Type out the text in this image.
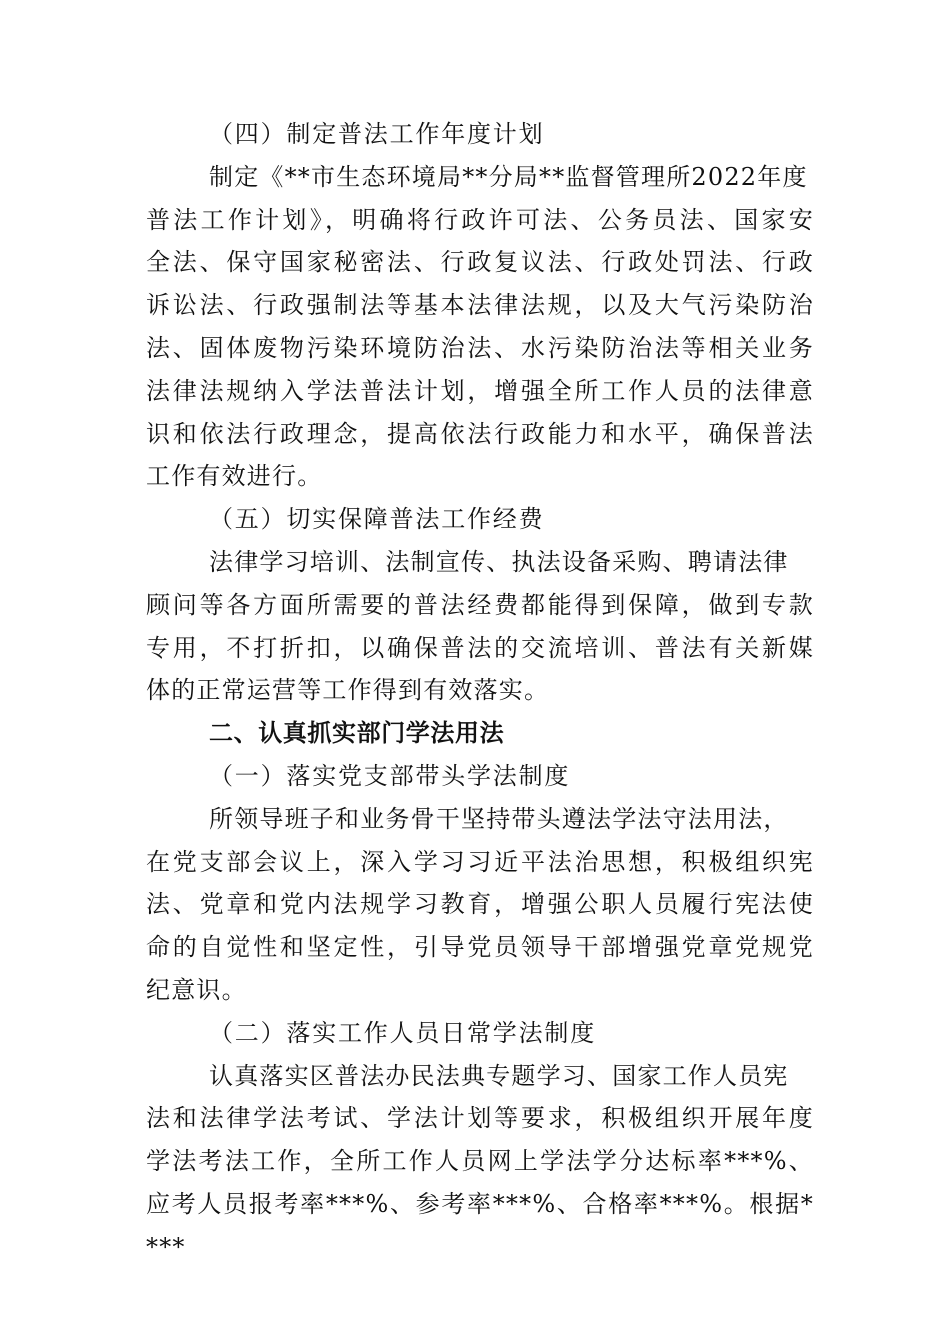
（四）制定普法工作年度计划
制定《**市生态环境局**分局**监督管理所2022年度
普法工作计划》，明确将行政许可法、公务员法、国家安
全法、保守国家秘密法、行政复议法、行政处罚法、行政
诉讼法、行政强制法等基本法律法规，以及大气污染防治
法、固体废物污染环境防治法、水污染防治法等相关业务
法律法规纳入学法普法计划，增强全所工作人员的法律意
识和依法行政理念，提高依法行政能力和水平，确保普法
工作有效进行。
（五）切实保障普法工作经费
法律学习培训、法制宣传、执法设备采购、聘请法律
顾问等各方面所需要的普法经费都能得到保障，做到专款
专用，不打折扣，以确保普法的交流培训、普法有关新媒
体的正常运营等工作得到有效落实。
二、认真抓实部门学法用法
（一）落实党支部带头学法制度
所领导班子和业务骨干坚持带头遵法学法守法用法，
在党支部会议上，深入学习习近平法治思想，积极组织宪
法、党章和党内法规学习教育，增强公职人员履行宪法使
命的自觉性和坚定性，引导党员领导干部增强党章党规党
纪意识。
（二）落实工作人员日常学法制度
认真落实区普法办民法典专题学习、国家工作人员宪
法和法律学法考试、学法计划等要求，积极组织开展年度
学法考法工作，全所工作人员网上学法学分达标率***%、
应考人员报考率***%、参考率***%、合格率***%。根据*
***
